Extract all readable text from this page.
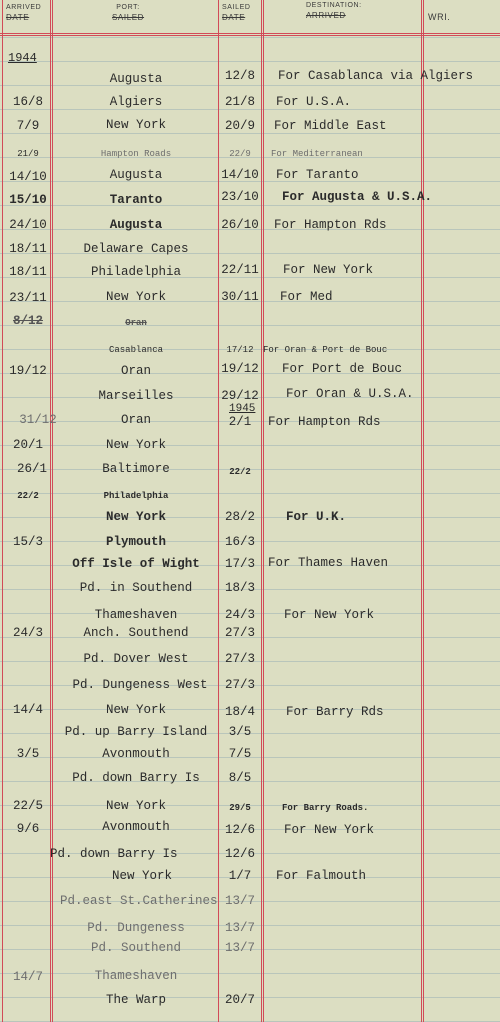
ARRIVED
DATE
PORT:
SAILED
SAILED
DATE
DESTINATION:
ARRIVED	WRI.
1944
1945
Augusta	12/8	For Casablanca via Algiers
16/8	Algiers	21/8	For U.S.A.
7/9	New York	20/9	For Middle East
21/9	Hampton Roads	22/9	For Mediterranean
14/10	Augusta	14/10 For Taranto
15/10	Taranto	23/10 For Augusta & U.S.A.
24/10	Augusta	26/10 For Hampton Rds
18/11	Delaware Capes
18/11	Philadelphia	22/11 For New York
23/11	New York	30/11 For Med
8/12	Oran
Casablanca	17/12	For Oran & Port de Bouc
19/12	Oran	19/12 For Port de Bouc
Marseilles	29/12 For Oran & U.S.A.
31/12	Oran	2/1	For Hampton Rds
20/1	New York
26/1	Baltimore	22/2
22/2	Philadelphia
New York	28/2	For U.K.
15/3	Plymouth	16/3
Off Isle of Wight	17/3	For Thames Haven
Pd. in Southend	18/3
Thameshaven	24/3	For New York
24/3	Anch. Southend	27/3
Pd. Dover West	27/3
Pd. Dungeness West	27/3
14/4	New York	18/4	For Barry Rds
Pd. up Barry Island	3/5
3/5	Avonmouth	7/5
Pd. down Barry Is	8/5
22/5	New York	29/5	For Barry Roads.
9/6	Avonmouth	12/6	For New York
Pd. down Barry Is	12/6
New York	1/7	For Falmouth
Pd.east St.Catherines 13/7
Pd. Dungeness	13/7
Pd. Southend	13/7
14/7	Thameshaven
The Warp	20/7
